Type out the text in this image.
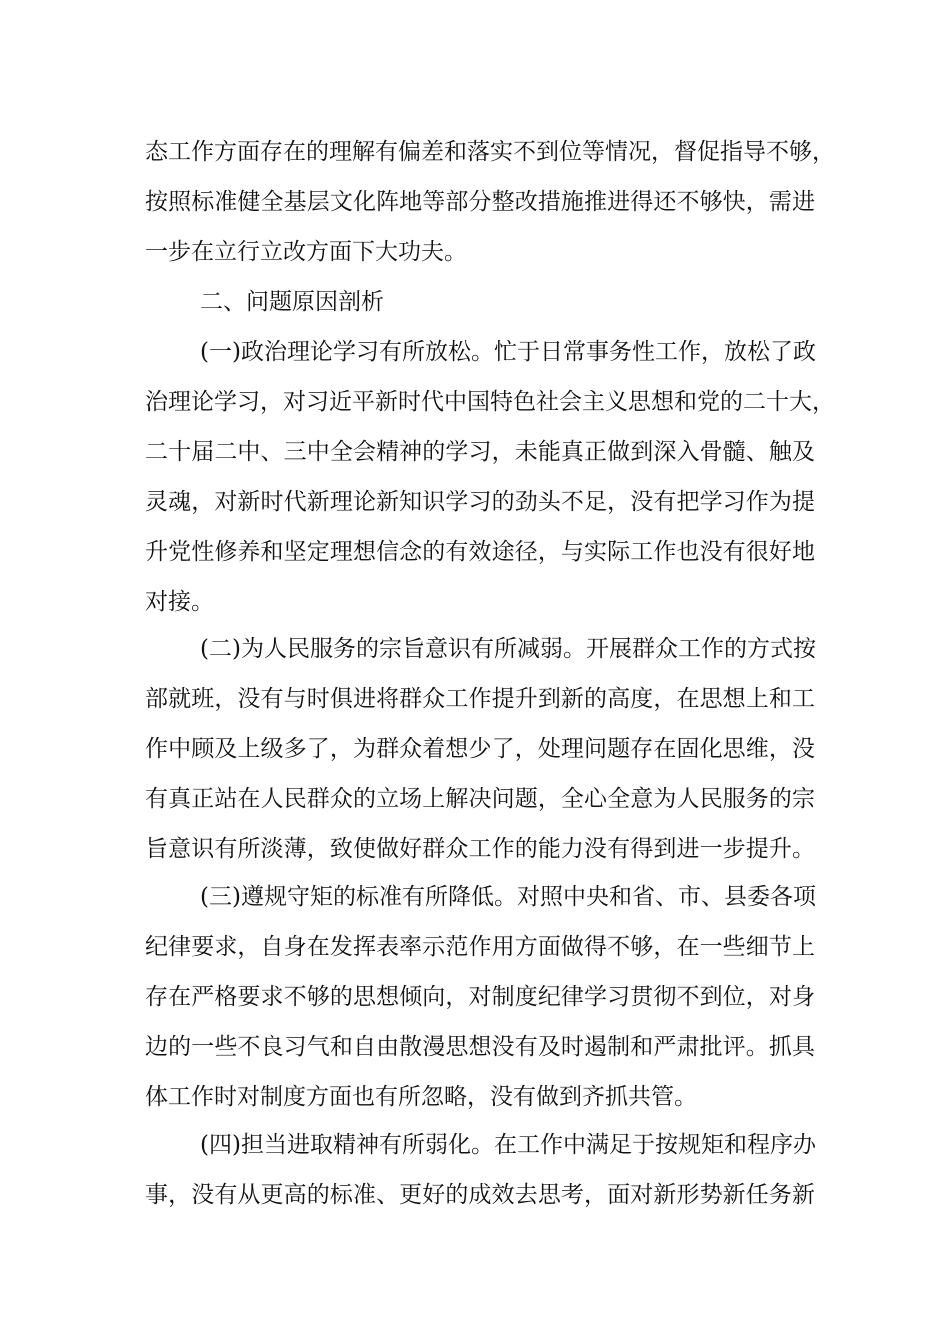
态工作方面存在的理解有偏差和落实不到位等情况，督促指导不够，
按照标准健全基层文化阵地等部分整改措施推进得还不够快，需进
一步在立行立改方面下大功夫。
二、问题原因剖析
(一)政治理论学习有所放松。忙于日常事务性工作，放松了政
治理论学习，对习近平新时代中国特色社会主义思想和党的二十大，
二十届二中、三中全会精神的学习，未能真正做到深入骨髓、触及
灵魂，对新时代新理论新知识学习的劲头不足，没有把学习作为提
升党性修养和坚定理想信念的有效途径，与实际工作也没有很好地
对接。
(二)为人民服务的宗旨意识有所减弱。开展群众工作的方式按
部就班，没有与时俱进将群众工作提升到新的高度，在思想上和工
作中顾及上级多了，为群众着想少了，处理问题存在固化思维，没
有真正站在人民群众的立场上解决问题，全心全意为人民服务的宗
旨意识有所淡薄，致使做好群众工作的能力没有得到进一步提升。
(三)遵规守矩的标准有所降低。对照中央和省、市、县委各项
纪律要求，自身在发挥表率示范作用方面做得不够，在一些细节上
存在严格要求不够的思想倾向，对制度纪律学习贯彻不到位，对身
边的一些不良习气和自由散漫思想没有及时遏制和严肃批评。抓具
体工作时对制度方面也有所忽略，没有做到齐抓共管。
(四)担当进取精神有所弱化。在工作中满足于按规矩和程序办
事，没有从更高的标准、更好的成效去思考，面对新形势新任务新
